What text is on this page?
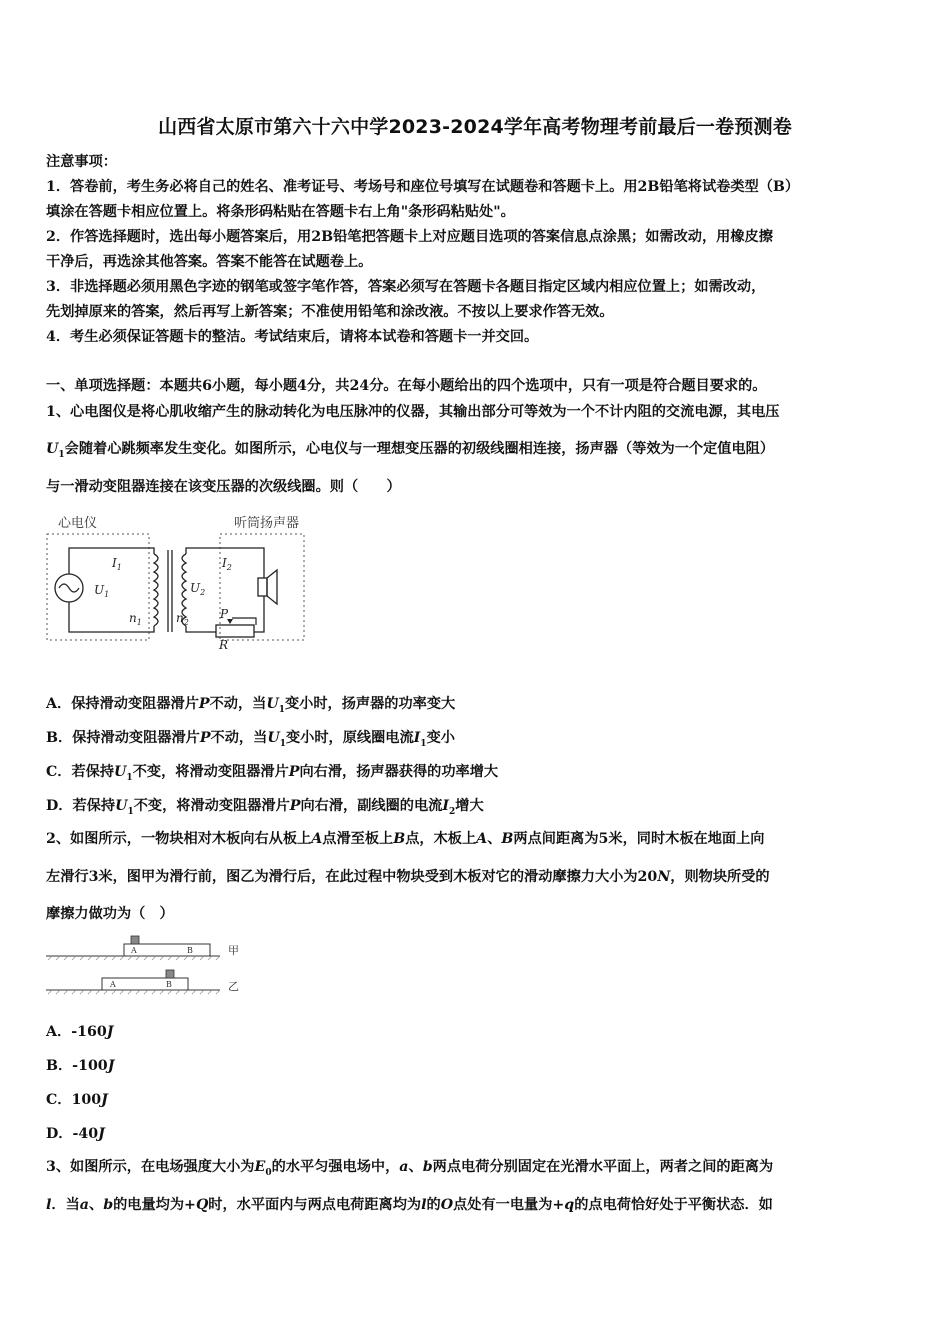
山西省太原市第六十六中学2023-2024学年高考物理考前最后一卷预测卷
注意事项：
1．答卷前，考生务必将自己的姓名、准考证号、考场号和座位号填写在试题卷和答题卡上。用2B铅笔将试卷类型（B）
填涂在答题卡相应位置上。将条形码粘贴在答题卡右上角"条形码粘贴处"。
2．作答选择题时，选出每小题答案后，用2B铅笔把答题卡上对应题目选项的答案信息点涂黑；如需改动，用橡皮擦
干净后，再选涂其他答案。答案不能答在试题卷上。
3．非选择题必须用黑色字迹的钢笔或签字笔作答，答案必须写在答题卡各题目指定区域内相应位置上；如需改动，
先划掉原来的答案，然后再写上新答案；不准使用铅笔和涂改液。不按以上要求作答无效。
4．考生必须保证答题卡的整洁。考试结束后，请将本试卷和答题卡一并交回。
一、单项选择题：本题共6小题，每小题4分，共24分。在每小题给出的四个选项中，只有一项是符合题目要求的。
1、心电图仪是将心肌收缩产生的脉动转化为电压脉冲的仪器，其输出部分可等效为一个不计内阻的交流电源，其电压
$U_1$会随着心跳频率发生变化。如图所示，心电仪与一理想变压器的初级线圈相连接，扬声器（等效为一个定值电阻）
与一滑动变阻器连接在该变压器的次级线圈。则（　　）
心电仪	听筒扬声器
$I_1$
$U_1$
$n_1$
$U_2$
$n_2$
$I_2$
P
R
A．保持滑动变阻器滑片P不动，当$U_1$变小时，扬声器的功率变大
B．保持滑动变阻器滑片P不动，当$U_1$变小时，原线圈电流$I_1$变小
C．若保持$U_1$不变，将滑动变阻器滑片P向右滑，扬声器获得的功率增大
D．若保持$U_1$不变，将滑动变阻器滑片P向右滑，副线圈的电流$I_2$增大
2、如图所示，一物块相对木板向右从板上A点滑至板上B点，木板上A、B两点间距离为5米，同时木板在地面上向
左滑行3米，图甲为滑行前，图乙为滑行后，在此过程中物块受到木板对它的滑动摩擦力大小为20N，则物块所受的
摩擦力做功为（　）
A	B	甲
A	B	乙
A．-160J
B．-100J
C．100J
D．-40J
3、如图所示，在电场强度大小为$E_0$的水平匀强电场中，a、b两点电荷分别固定在光滑水平面上，两者之间的距离为
l．当a、b的电量均为+Q时，水平面内与两点电荷距离均为l的O点处有一电量为+q的点电荷恰好处于平衡状态．如
